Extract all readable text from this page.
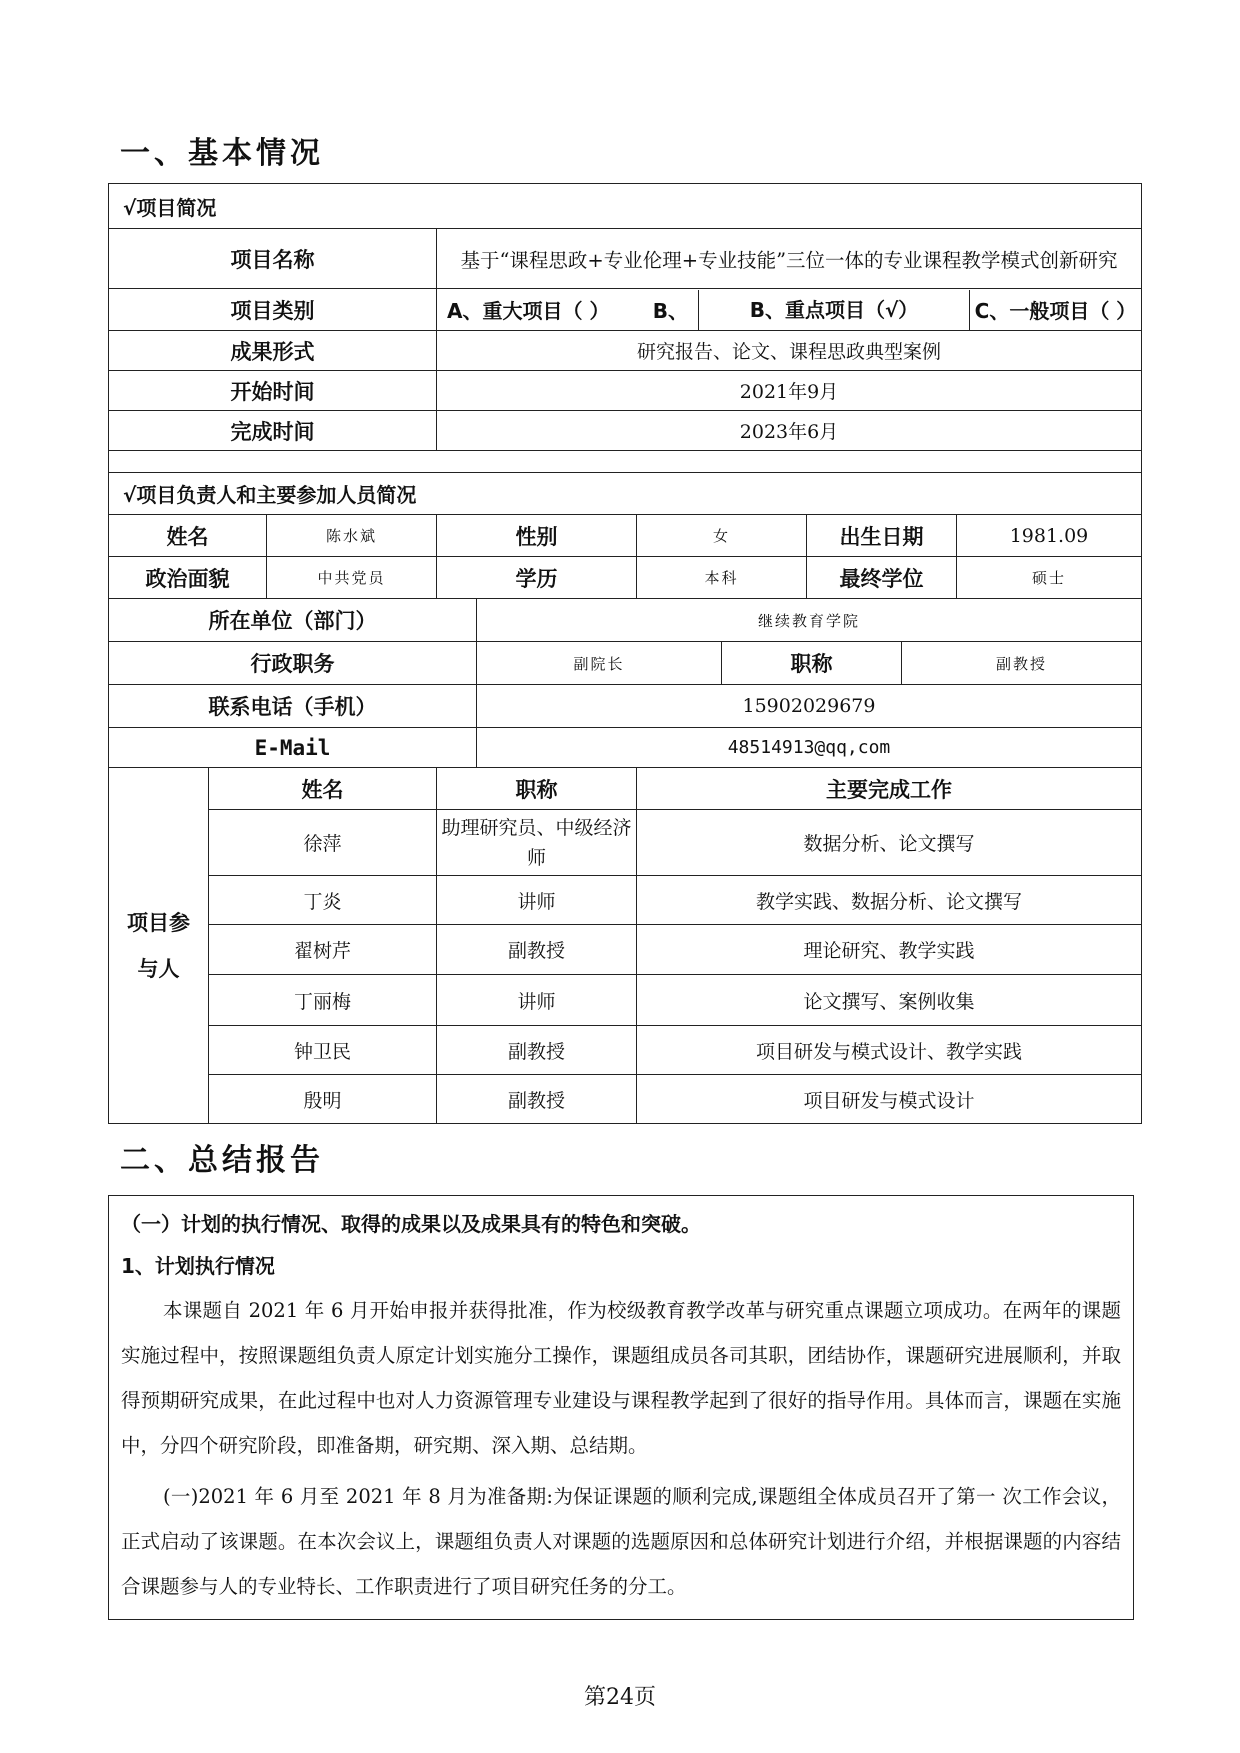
一、基本情况
√项目简况									
项目名称			基于“课程思政+专业伦理+专业技能”三位一体的专业课程教学模式创新研究						
项目类别			A、重大项目（ ） B、 B、重点项目（√） C、一般项目（ ）						

成果形式			研究报告、论文、课程思政典型案例						
开始时间			2021年9月						
完成时间			2023年6月						

√项目负责人和主要参加人员简况									
姓名		陈水斌	性别		女		出生日期		1981.09
政治面貌		中共党员	学历		本科		最终学位		硕士
所在单位（部门）				继续教育学院					
行政职务				副院长		职称		副教授	
联系电话（手机）				15902029679					
E-Mail				48514913@qq,com					
项目参
与人	姓名		职称		主要完成工作				
	徐萍		助理研究员、中级经济师		数据分析、论文撰写				
	丁炎		讲师		教学实践、数据分析、论文撰写				
	翟树芹		副教授		理论研究、教学实践				
	丁丽梅		讲师		论文撰写、案例收集				
	钟卫民		副教授		项目研发与模式设计、教学实践				
	殷明		副教授		项目研发与模式设计				
二、总结报告

（一）计划的执行情况、取得的成果以及成果具有的特色和突破。

1、计划执行情况

本课题自 2021 年 6 月开始申报并获得批准，作为校级教育教学改革与研究重点课题立项成功。在两年的课题实施过程中，按照课题组负责人原定计划实施分工操作，课题组成员各司其职，团结协作，课题研究进展顺利，并取得预期研究成果，在此过程中也对人力资源管理专业建设与课程教学起到了很好的指导作用。具体而言，课题在实施中，分四个研究阶段，即准备期，研究期、深入期、总结期。

(一)2021 年 6 月至 2021 年 8 月为准备期:为保证课题的顺利完成,课题组全体成员召开了第一 次工作会议，正式启动了该课题。在本次会议上，课题组负责人对课题的选题原因和总体研究计划进行介绍，并根据课题的内容结合课题参与人的专业特长、工作职责进行了项目研究任务的分工。

第24页
